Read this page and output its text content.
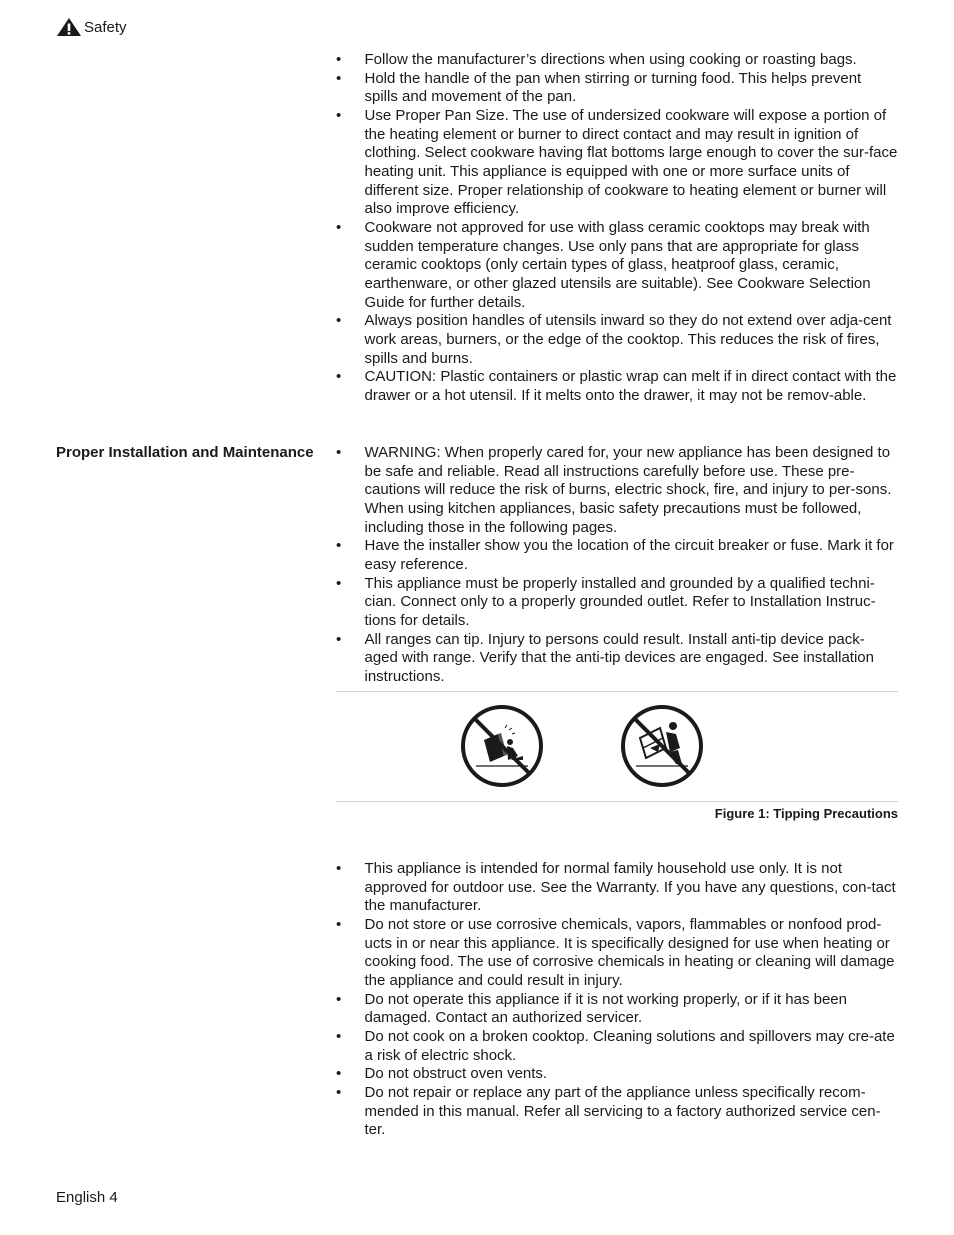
Safety
• Follow the manufacturer’s directions when using cooking or roasting bags.
• Hold the handle of the pan when stirring or turning food. This helps prevent spills and movement of the pan.
• Use Proper Pan Size. The use of undersized cookware will expose a portion of the heating element or burner to direct contact and may result in ignition of clothing. Select cookware having flat bottoms large enough to cover the sur-face heating unit. This appliance is equipped with one or more surface units of different size. Proper relationship of cookware to heating element or burner will also improve efficiency.
• Cookware not approved for use with glass ceramic cooktops may break with sudden temperature changes. Use only pans that are appropriate for glass ceramic cooktops (only certain types of glass, heatproof glass, ceramic, earthenware, or other glazed utensils are suitable). See Cookware Selection Guide for further details.
• Always position handles of utensils inward so they do not extend over adja-cent work areas, burners, or the edge of the cooktop. This reduces the risk of fires, spills and burns.
• CAUTION: Plastic containers or plastic wrap can melt if in direct contact with the drawer or a hot utensil. If it melts onto the drawer, it may not be remov-able.
Proper Installation and Maintenance
•	WARNING: When properly cared for, your new appliance has been designed to be safe and reliable. Read all instructions carefully before use. These pre-cautions will reduce the risk of burns, electric shock, fire, and injury to per-sons. When using kitchen appliances, basic safety precautions must be followed, including those in the following pages.
• Have the installer show you the location of the circuit breaker or fuse. Mark it for easy reference.
• This appliance must be properly installed and grounded by a qualified techni-cian. Connect only to a properly grounded outlet. Refer to Installation Instruc-tions for details.
• All ranges can tip. Injury to persons could result. Install anti-tip device pack-aged with range. Verify that the anti-tip devices are engaged. See installation instructions.
Figure 1: Tipping Precautions
• This appliance is intended for normal family household use only. It is not approved for outdoor use. See the Warranty. If you have any questions, con-tact the manufacturer.
• Do not store or use corrosive chemicals, vapors, flammables or nonfood prod-ucts in or near this appliance. It is specifically designed for use when heating or cooking food. The use of corrosive chemicals in heating or cleaning will damage the appliance and could result in injury.
• Do not operate this appliance if it is not working properly, or if it has been damaged. Contact an authorized servicer.
• Do not cook on a broken cooktop. Cleaning solutions and spillovers may cre-ate a risk of electric shock.
• Do not obstruct oven vents.
• Do not repair or replace any part of the appliance unless specifically recom-mended in this manual. Refer all servicing to a factory authorized service cen-ter.
English 4
